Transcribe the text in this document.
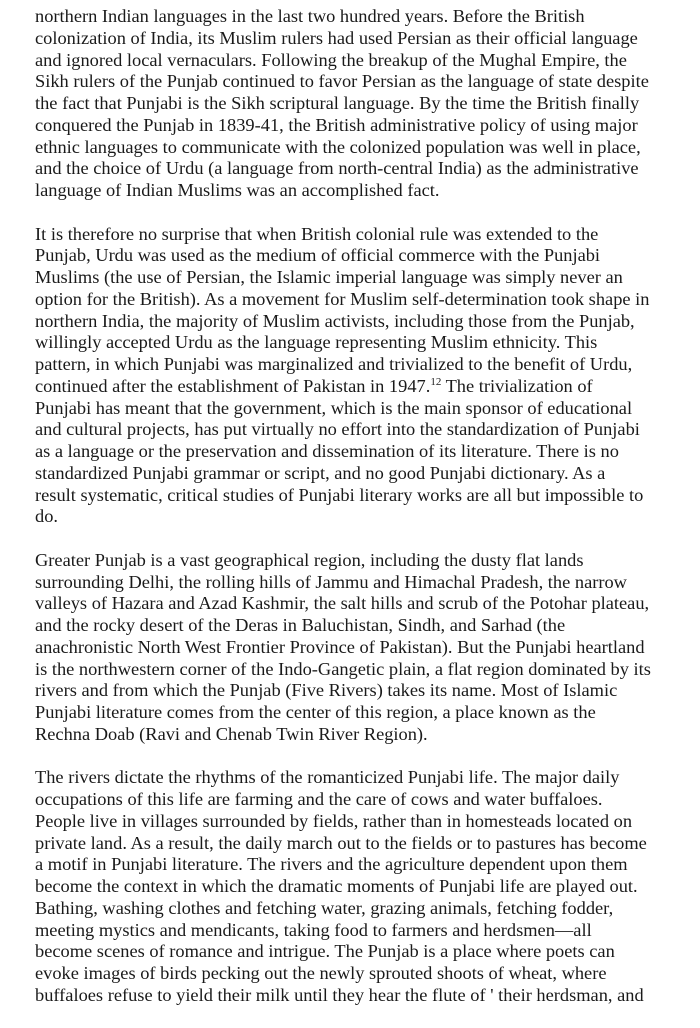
northern Indian languages in the last two hundred years. Before the British
colonization of India, its Muslim rulers had used Persian as their official language
and ignored local vernaculars. Following the breakup of the Mughal Empire, the
Sikh rulers of the Punjab continued to favor Persian as the language of state despite
the fact that Punjabi is the Sikh scriptural language. By the time the British finally
conquered the Punjab in 1839-41, the British administrative policy of using major
ethnic languages to communicate with the colonized population was well in place,
and the choice of Urdu (a language from north-central India) as the administrative
language of Indian Muslims was an accomplished fact.

It is therefore no surprise that when British colonial rule was extended to the
Punjab, Urdu was used as the medium of official commerce with the Punjabi
Muslims (the use of Persian, the Islamic imperial language was simply never an
option for the British). As a movement for Muslim self-determination took shape in
northern India, the majority of Muslim activists, including those from the Punjab,
willingly accepted Urdu as the language representing Muslim ethnicity. This
pattern, in which Punjabi was marginalized and trivialized to the benefit of Urdu,
continued after the establishment of Pakistan in 1947.12 The trivialization of
Punjabi has meant that the government, which is the main sponsor of educational
and cultural projects, has put virtually no effort into the standardization of Punjabi
as a language or the preservation and dissemination of its literature. There is no
standardized Punjabi grammar or script, and no good Punjabi dictionary. As a
result systematic, critical studies of Punjabi literary works are all but impossible to
do.

Greater Punjab is a vast geographical region, including the dusty flat lands
surrounding Delhi, the rolling hills of Jammu and Himachal Pradesh, the narrow
valleys of Hazara and Azad Kashmir, the salt hills and scrub of the Potohar plateau,
and the rocky desert of the Deras in Baluchistan, Sindh, and Sarhad (the
anachronistic North West Frontier Province of Pakistan). But the Punjabi heartland
is the northwestern corner of the Indo-Gangetic plain, a flat region dominated by its
rivers and from which the Punjab (Five Rivers) takes its name. Most of Islamic
Punjabi literature comes from the center of this region, a place known as the
Rechna Doab (Ravi and Chenab Twin River Region).

The rivers dictate the rhythms of the romanticized Punjabi life. The major daily
occupations of this life are farming and the care of cows and water buffaloes.
People live in villages surrounded by fields, rather than in homesteads located on
private land. As a result, the daily march out to the fields or to pastures has become
a motif in Punjabi literature. The rivers and the agriculture dependent upon them
become the context in which the dramatic moments of Punjabi life are played out.
Bathing, washing clothes and fetching water, grazing animals, fetching fodder,
meeting mystics and mendicants, taking food to farmers and herdsmen—all
become scenes of romance and intrigue. The Punjab is a place where poets can
evoke images of birds pecking out the newly sprouted shoots of wheat, where
buffaloes refuse to yield their milk until they hear the flute of ' their herdsman, and
